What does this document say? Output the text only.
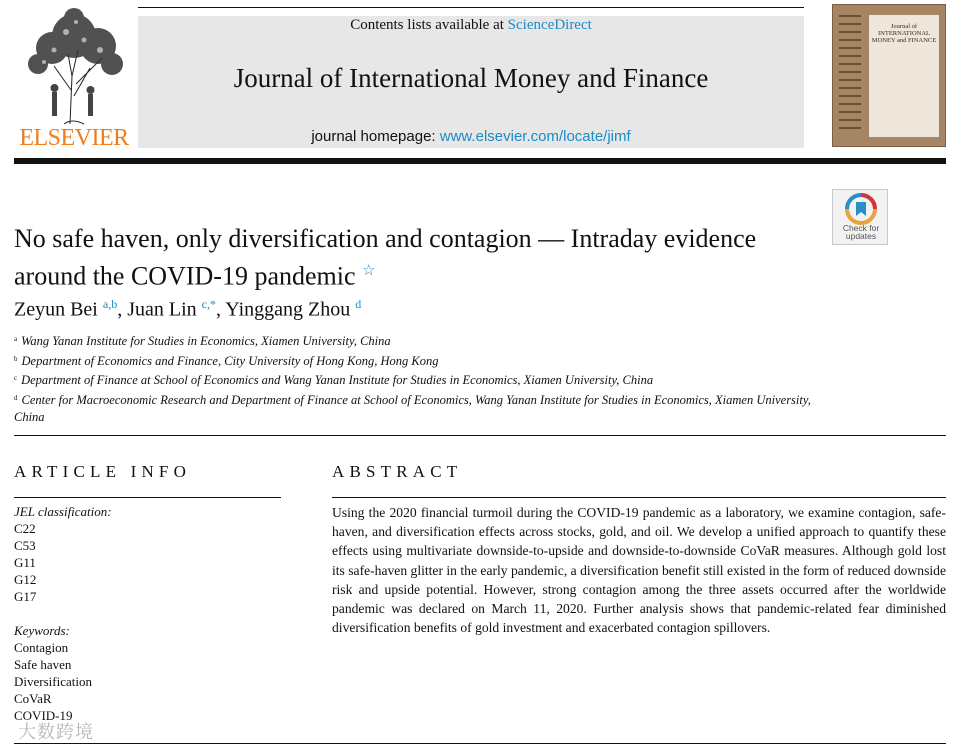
ELSEVIER
Contents lists available at ScienceDirect
Journal of International Money and Finance
journal homepage: www.elsevier.com/locate/jimf
Journal of INTERNATIONAL MONEY and FINANCE
Check for updates
No safe haven, only diversification and contagion — Intraday evidence around the COVID-19 pandemic ☆
Zeyun Bei $^{a,b}$, Juan Lin $^{c,*}$, Yinggang Zhou $^d$
$^a$ Wang Yanan Institute for Studies in Economics, Xiamen University, China
$^b$ Department of Economics and Finance, City University of Hong Kong, Hong Kong
$^c$ Department of Finance at School of Economics and Wang Yanan Institute for Studies in Economics, Xiamen University, China
$^d$ Center for Macroeconomic Research and Department of Finance at School of Economics, Wang Yanan Institute for Studies in Economics, Xiamen University, China
ARTICLE INFO	ABSTRACT
JEL classification:
C22
C53
G11
G12
G17
Keywords:
Contagion
Safe haven
Diversification
CoVaR
COVID-19
Using the 2020 financial turmoil during the COVID-19 pandemic as a laboratory, we examine contagion, safe-haven, and diversification effects across stocks, gold, and oil. We develop a unified approach to quantify these effects using multivariate downside-to-upside and downside-to-downside CoVaR measures. Although gold lost its safe-haven glitter in the early pandemic, a diversification benefit still existed in the form of reduced downside risk and upside potential. However, strong contagion among the three assets occurred after the worldwide pandemic was declared on March 11, 2020. Further analysis shows that pandemic-related fear diminished diversification benefits of gold investment and exacerbated contagion spillovers.
大数跨境
